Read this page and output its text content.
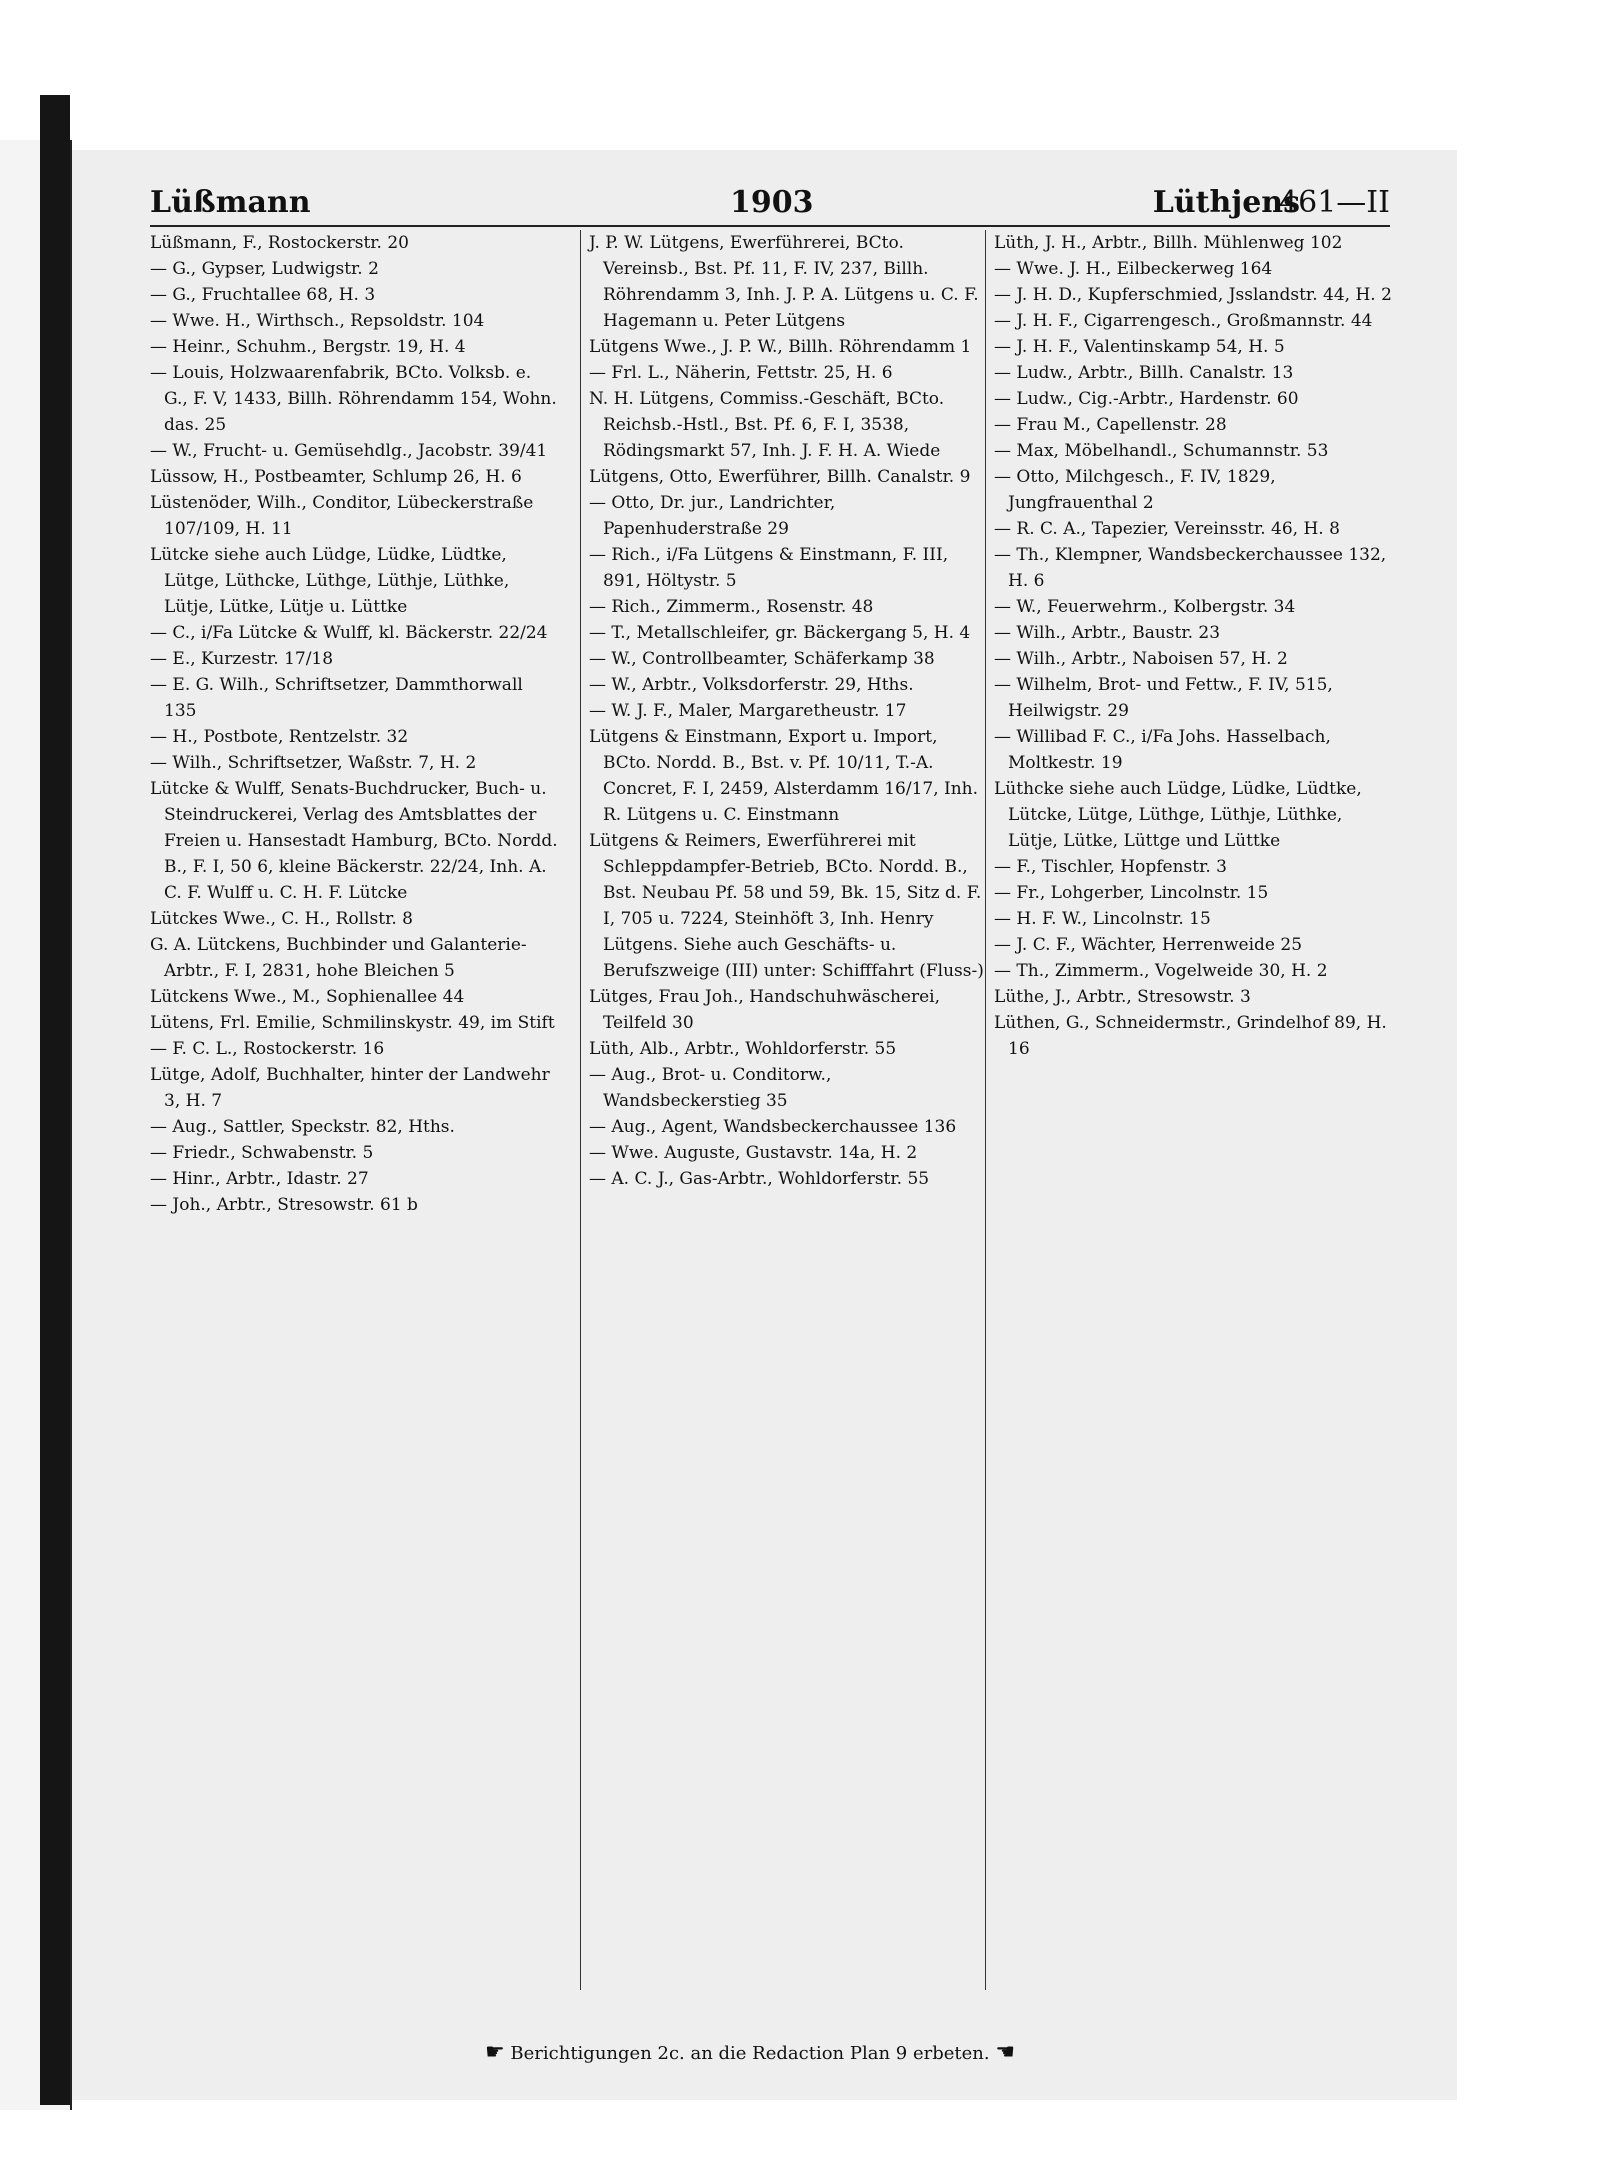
Lüßmann	1903	Lüthjens
461—II

Lüßmann, F., Rostockerstr. 20

— G., Gypser, Ludwigstr. 2

— G., Fruchtallee 68, H. 3

— Wwe. H., Wirthsch., Repsoldstr. 104

— Heinr., Schuhm., Bergstr. 19, H. 4

— Louis, Holzwaarenfabrik, BCto. Volksb. e. G., F. V, 1433, Billh. Röhrendamm 154, Wohn. das. 25

— W., Frucht- u. Gemüsehdlg., Jacobstr. 39/41

Lüssow, H., Postbeamter, Schlump 26, H. 6

Lüstenöder, Wilh., Conditor, Lübeckerstraße 107/109, H. 11

Lütcke siehe auch Lüdge, Lüdke, Lüdtke, Lütge, Lüthcke, Lüthge, Lüthje, Lüthke, Lütje, Lütke, Lütje u. Lüttke

— C., i/Fa Lütcke & Wulff, kl. Bäckerstr. 22/24

— E., Kurzestr. 17/18

— E. G. Wilh., Schriftsetzer, Dammthorwall 135

— H., Postbote, Rentzelstr. 32

— Wilh., Schriftsetzer, Waßstr. 7, H. 2

Lütcke & Wulff, Senats-Buchdrucker, Buch- u. Steindruckerei, Verlag des Amtsblattes der Freien u. Hansestadt Hamburg, BCto. Nordd. B., F. I, 50 6, kleine Bäckerstr. 22/24, Inh. A. C. F. Wulff u. C. H. F. Lütcke

Lütckes Wwe., C. H., Rollstr. 8

G. A. Lütckens, Buchbinder und Galanterie-Arbtr., F. I, 2831, hohe Bleichen 5

Lütckens Wwe., M., Sophienallee 44

Lütens, Frl. Emilie, Schmilinskystr. 49, im Stift

— F. C. L., Rostockerstr. 16

Lütge, Adolf, Buchhalter, hinter der Landwehr 3, H. 7

— Aug., Sattler, Speckstr. 82, Hths.

— Friedr., Schwabenstr. 5

— Hinr., Arbtr., Idastr. 27

— Joh., Arbtr., Stresowstr. 61 b

J. P. W. Lütgens, Ewerführerei, BCto. Vereinsb., Bst. Pf. 11, F. IV, 237, Billh. Röhrendamm 3, Inh. J. P. A. Lütgens u. C. F. Hagemann u. Peter Lütgens

Lütgens Wwe., J. P. W., Billh. Röhrendamm 1

— Frl. L., Näherin, Fettstr. 25, H. 6

N. H. Lütgens, Commiss.-Geschäft, BCto. Reichsb.-Hstl., Bst. Pf. 6, F. I, 3538, Rödingsmarkt 57, Inh. J. F. H. A. Wiede

Lütgens, Otto, Ewerführer, Billh. Canalstr. 9

— Otto, Dr. jur., Landrichter, Papenhuderstraße 29

— Rich., i/Fa Lütgens & Einstmann, F. III, 891, Höltystr. 5

— Rich., Zimmerm., Rosenstr. 48

— T., Metallschleifer, gr. Bäckergang 5, H. 4

— W., Controllbeamter, Schäferkamp 38

— W., Arbtr., Volksdorferstr. 29, Hths.

— W. J. F., Maler, Margaretheustr. 17

Lütgens & Einstmann, Export u. Import, BCto. Nordd. B., Bst. v. Pf. 10/11, T.-A. Concret, F. I, 2459, Alsterdamm 16/17, Inh. R. Lütgens u. C. Einstmann

Lütgens & Reimers, Ewerführerei mit Schleppdampfer-Betrieb, BCto. Nordd. B., Bst. Neubau Pf. 58 und 59, Bk. 15, Sitz d. F. I, 705 u. 7224, Steinhöft 3, Inh. Henry Lütgens. Siehe auch Geschäfts- u. Berufszweige (III) unter: Schifffahrt (Fluss-)

Lütges, Frau Joh., Handschuhwäscherei, Teilfeld 30

Lüth, Alb., Arbtr., Wohldorferstr. 55

— Aug., Brot- u. Conditorw., Wandsbeckerstieg 35

— Aug., Agent, Wandsbeckerchaussee 136

— Wwe. Auguste, Gustavstr. 14a, H. 2

— A. C. J., Gas-Arbtr., Wohldorferstr. 55

Lüth, J. H., Arbtr., Billh. Mühlenweg 102

— Wwe. J. H., Eilbeckerweg 164

— J. H. D., Kupferschmied, Jsslandstr. 44, H. 2

— J. H. F., Cigarrengesch., Großmannstr. 44

— J. H. F., Valentinskamp 54, H. 5

— Ludw., Arbtr., Billh. Canalstr. 13

— Ludw., Cig.-Arbtr., Hardenstr. 60

— Frau M., Capellenstr. 28

— Max, Möbelhandl., Schumannstr. 53

— Otto, Milchgesch., F. IV, 1829, Jungfrauenthal 2

— R. C. A., Tapezier, Vereinsstr. 46, H. 8

— Th., Klempner, Wandsbeckerchaussee 132, H. 6

— W., Feuerwehrm., Kolbergstr. 34

— Wilh., Arbtr., Baustr. 23

— Wilh., Arbtr., Naboisen 57, H. 2

— Wilhelm, Brot- und Fettw., F. IV, 515, Heilwigstr. 29

— Willibad F. C., i/Fa Johs. Hasselbach, Moltkestr. 19

Lüthcke siehe auch Lüdge, Lüdke, Lüdtke, Lütcke, Lütge, Lüthge, Lüthje, Lüthke, Lütje, Lütke, Lüttge und Lüttke

— F., Tischler, Hopfenstr. 3

— Fr., Lohgerber, Lincolnstr. 15

— H. F. W., Lincolnstr. 15

— J. C. F., Wächter, Herrenweide 25

— Th., Zimmerm., Vogelweide 30, H. 2

Lüthe, J., Arbtr., Stresowstr. 3

Lüthen, G., Schneidermstr., Grindelhof 89, H. 16

☛ Berichtigungen 2c. an die Redaction Plan 9 erbeten. ☚
